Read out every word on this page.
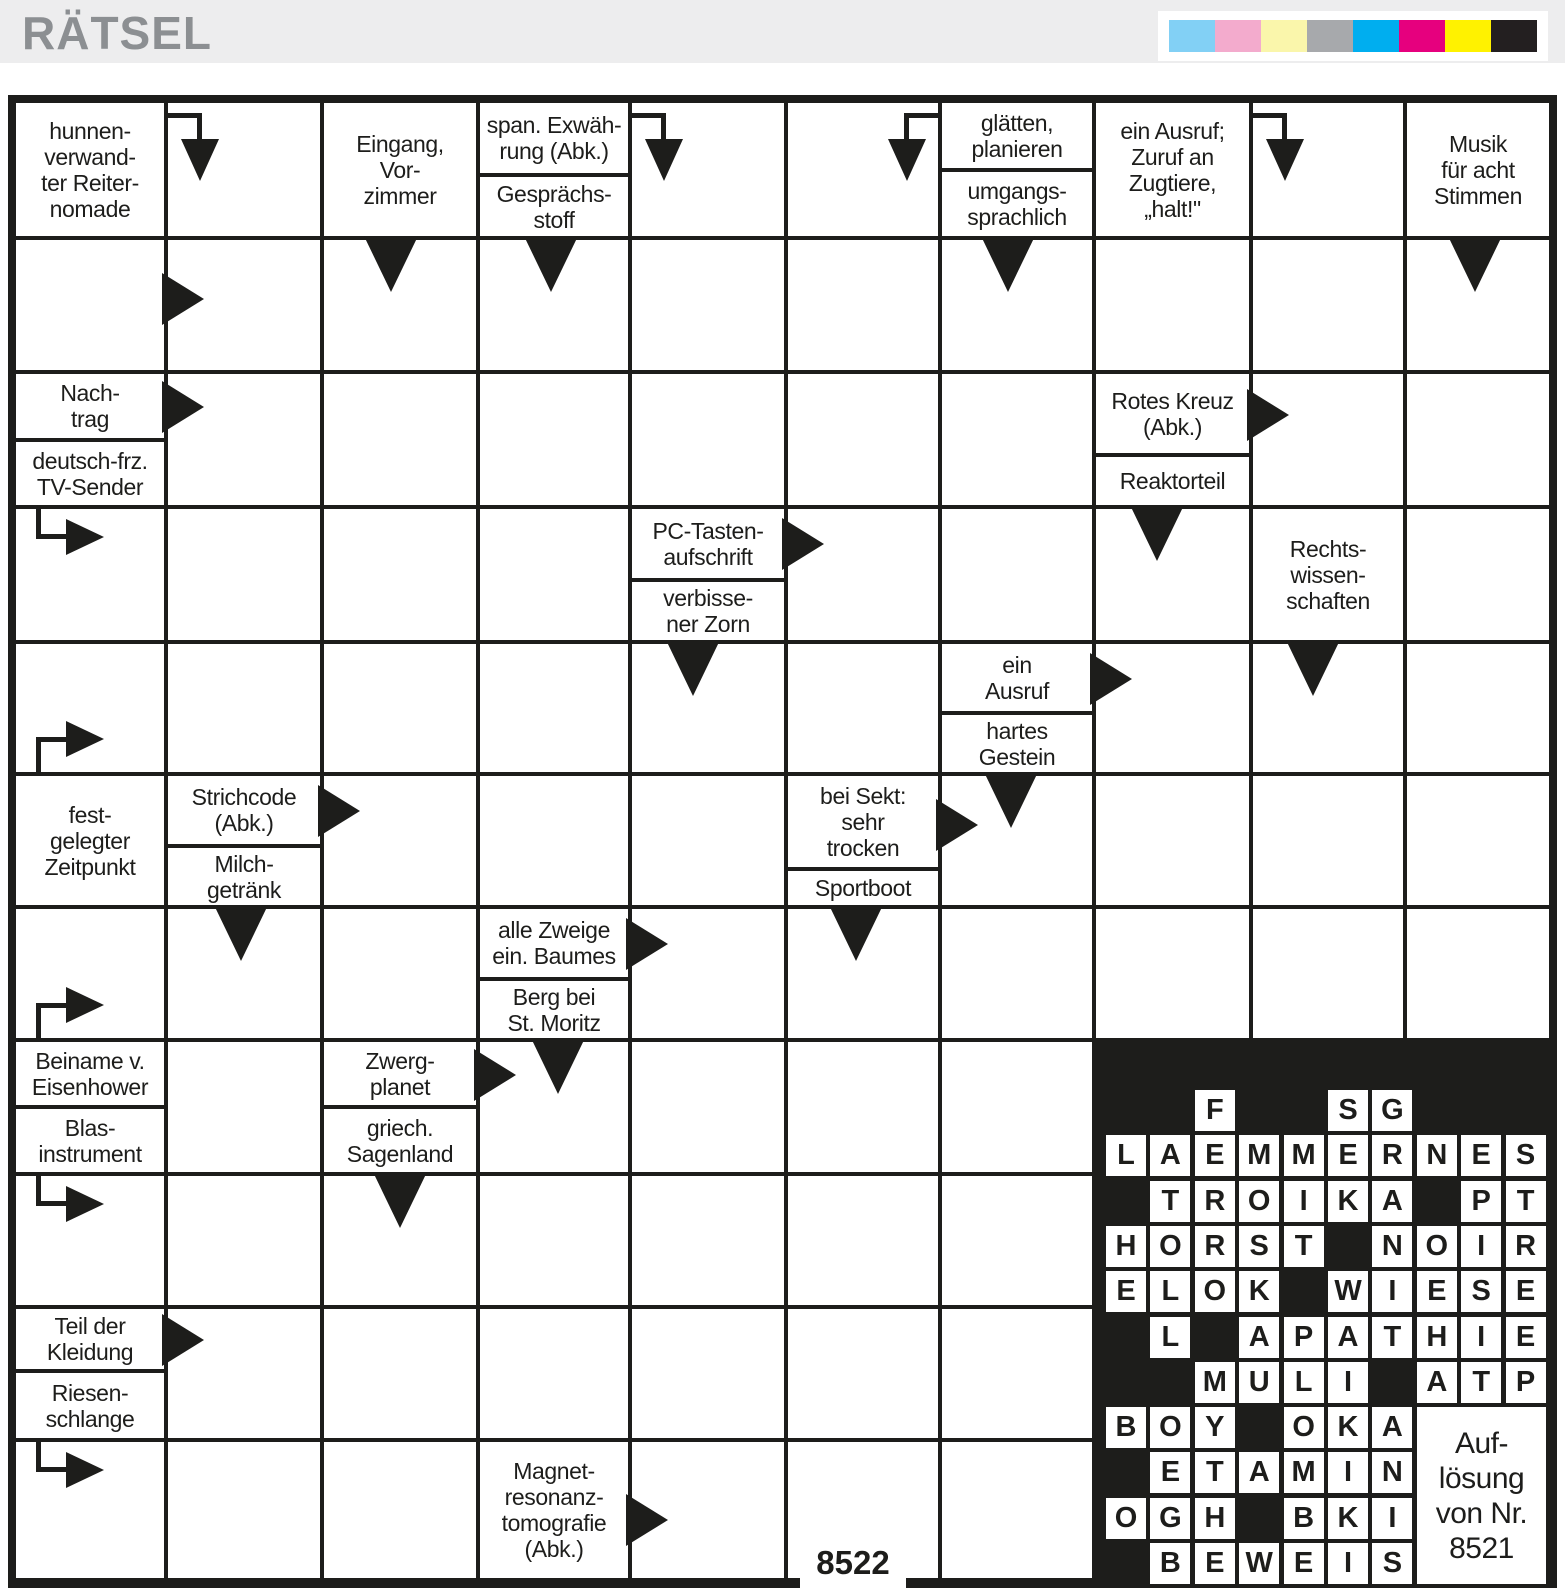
RÄTSEL
hunnen-
verwand-
ter Reiter-
nomade
Eingang,
Vor-
zimmer
span. Exwäh-
rung (Abk.)
Gesprächs-
stoff
glätten,
planieren
umgangs-
sprachlich
ein Ausruf;
Zuruf an
Zugtiere,
„halt!"
Musik
für acht
Stimmen
Nach-
trag
deutsch-frz.
TV-Sender
Rotes Kreuz
(Abk.)
Reaktorteil
PC-Tasten-
aufschrift
verbisse-
ner Zorn
Rechts-
wissen-
schaften
ein
Ausruf
hartes
Gestein
fest-
gelegter
Zeitpunkt
Strichcode
(Abk.)
Milch-
getränk
bei Sekt:
sehr
trocken
Sportboot
alle Zweige
ein. Baumes
Berg bei
St. Moritz
Beiname v.
Eisenhower
Blas-
instrument
Zwerg-
planet
griech.
Sagenland
Teil der
Kleidung
Riesen-
schlange
Magnet-
resonanz-
tomografie
(Abk.)
F	S G
L A E M M E R N E S
T R O	I	K A	P T
H O R S T	N O	I	R
E L O K	W I	E S E
L	A P A T H	I	E
M U L	I	A T P
B O Y	O K A
E T A M I	N
O G H	B K	I
B E W E	I	S
Auf-
lösung
von Nr.
8521
8522
